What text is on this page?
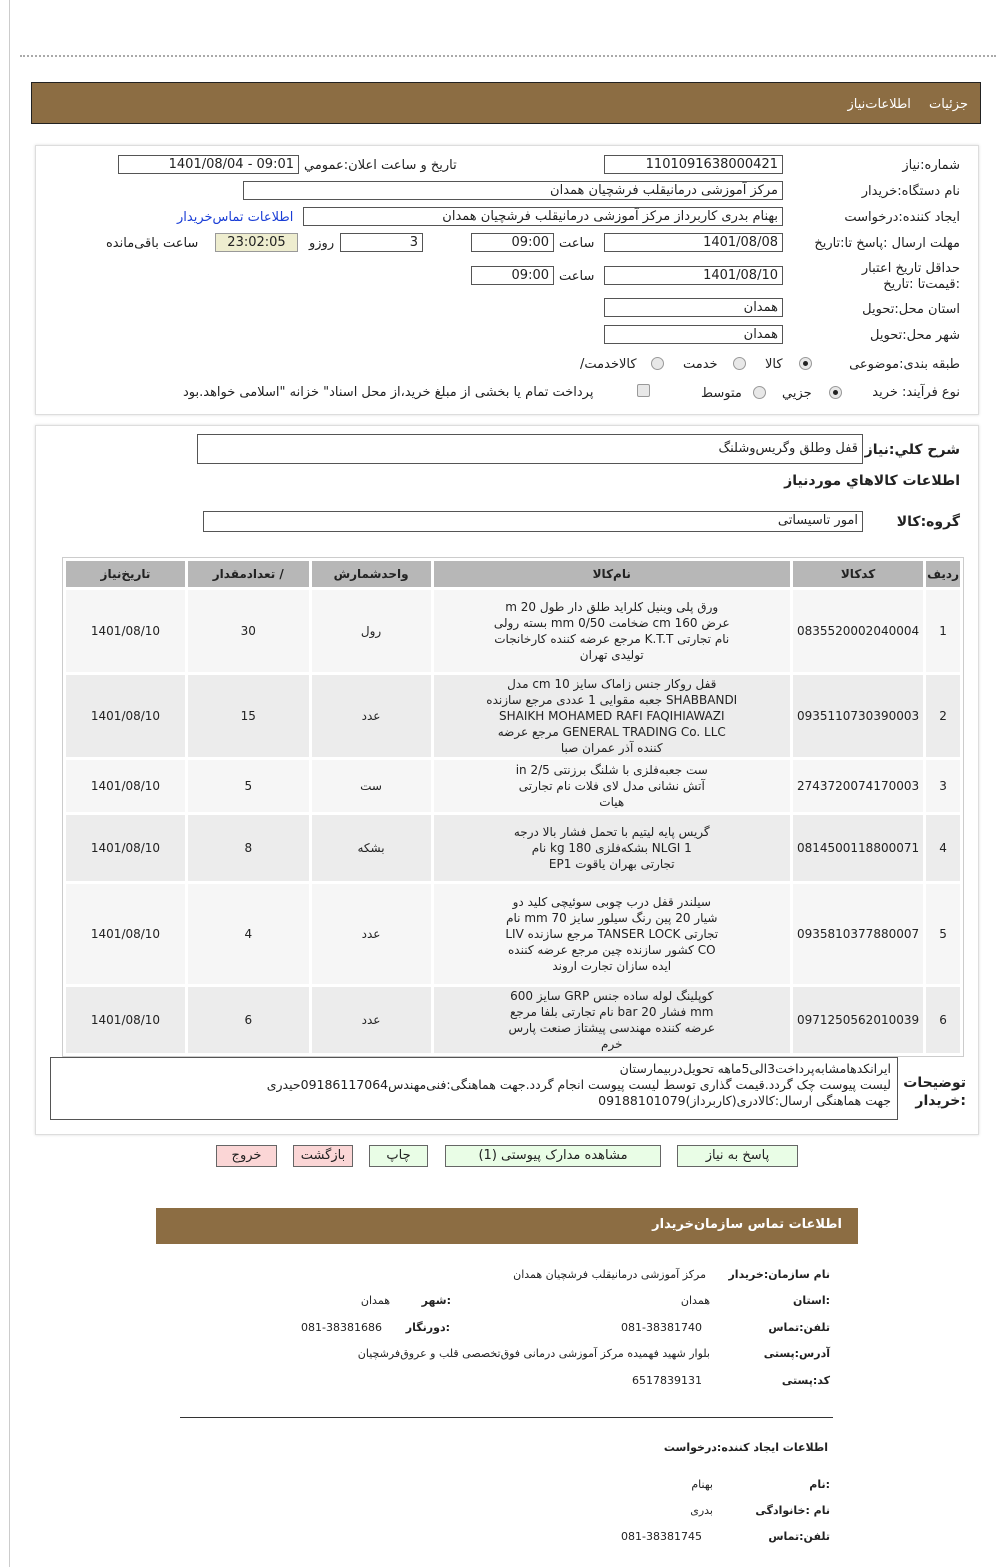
جزئیات اطلاعات‌نیاز
شماره:نیاز
1101091638000421
تاریخ و ساعت اعلان:عمومي
1401/08/04 - 09:01
نام دستگاه:خریدار
مرکز آموزشی درمانیقلب فرشچیان همدان
ایجاد کننده:درخواست
بهنام بدری کاربرداز مرکز آموزشی درمانیقلب فرشچیان همدان
اطلاعات تماس‌خریدار
مهلت ارسال :پاسخ تا:تاریخ
1401/08/08
ساعت
09:00
3
روزو
23:02:05
ساعت باقی‌مانده
حداقل تاریخ اعتبار :قیمت‌تا :تاریخ
1401/08/10
ساعت
09:00
استان محل:تحویل
همدان
شهر محل:تحویل
همدان
طبقه بندی:موضوعی
کالا
خدمت
/کالاخدمت
نوع فرآیند: خرید
جزيي
متوسط
پرداخت تمام یا بخشی از مبلغ خرید،از محل اسناد" خزانه "اسلامی خواهد.بود
شرح کلي:نیاز
قفل وطلق وگریس‌وشلنگ
اطلاعات کالاهاي موردنياز
گروه:کالا
امور تاسیساتی
ردیف	کدکالا	نام‌کالا	واحدشمارش	/ تعدادمقدار	تاریخ‌نیاز
1	0835520002040004	ورق پلی وینیل کلراید طلق دار طول 20 m عرض 160 cm ضخامت 0/50 mm بسته رولی نام تجارتی K.T.T مرجع عرضه کننده کارخانجات تولیدی تهران	رول	30	1401/08/10
2	0935110730390003	قفل روکار جنس زاماک سایز 10 cm مدل SHABBANDI جعبه مقوایی 1 عددی مرجع سازنده SHAIKH MOHAMED RAFI FAQIHIAWAZI GENERAL TRADING Co. LLC مرجع عرضه کننده آذر عمران صبا	عدد	15	1401/08/10
3	2743720074170003	ست جعبه‌فلزی با شلنگ برزنتی 2/5 in آتش نشانی مدل لای فلات نام تجارتی هیات	ست	5	1401/08/10
4	0814500118800071	گریس پایه لیتیم با تحمل فشار بالا درجه NLGI 1 بشکه‌فلزی 180 kg نام تجارتی بهران یاقوت EP1	بشکه	8	1401/08/10
5	0935810377880007	سیلندر قفل درب چوبی سوئیچی کلید دو شیار 20 پین رنگ سیلور سایز 70 mm نام تجارتی TANSER LOCK مرجع سازنده LIV CO کشور سازنده چین مرجع عرضه کننده ایده سازان تجارت اروند	عدد	4	1401/08/10
6	0971250562010039	کوپلینگ لوله ساده جنس GRP سایز 600 mm فشار 20 bar نام تجارتی بلفا مرجع عرضه کننده مهندسی پیشتاز صنعت پارس خرم	عدد	6	1401/08/10
توضیحات :خریدار
ایرانکدهامشابه‌پرداخت3الی5ماهه تحویل‌دربیمارستان
لیست پیوست چک گردد.قیمت گذاری توسط لیست پیوست انجام گردد.جهت هماهنگی:فنی‌مهندس09186117064حیدری
جهت هماهنگی ارسال:کالادری(کاربرداز)09188101079
پاسخ به نیاز
مشاهده مدارک پیوستی (1)
چاپ
بازگشت
خروج
اطلاعات تماس سازمان‌خریدار
نام سازمان:خریدار
مرکز آموزشی درمانیقلب فرشچیان همدان
:استان
همدان
:شهر
همدان
تلفن:تماس
081-38381740
:دورنگار
081-38381686
آدرس:پستی
بلوار شهید فهمیده مرکز آموزشی درمانی فوق‌تخصصی قلب و عروق‌فرشچیان
کد:پستی
6517839131
اطلاعات ایجاد کننده:درخواست
:نام
بهنام
نام :خانوادگی
بدری
تلفن:تماس
081-38381745
